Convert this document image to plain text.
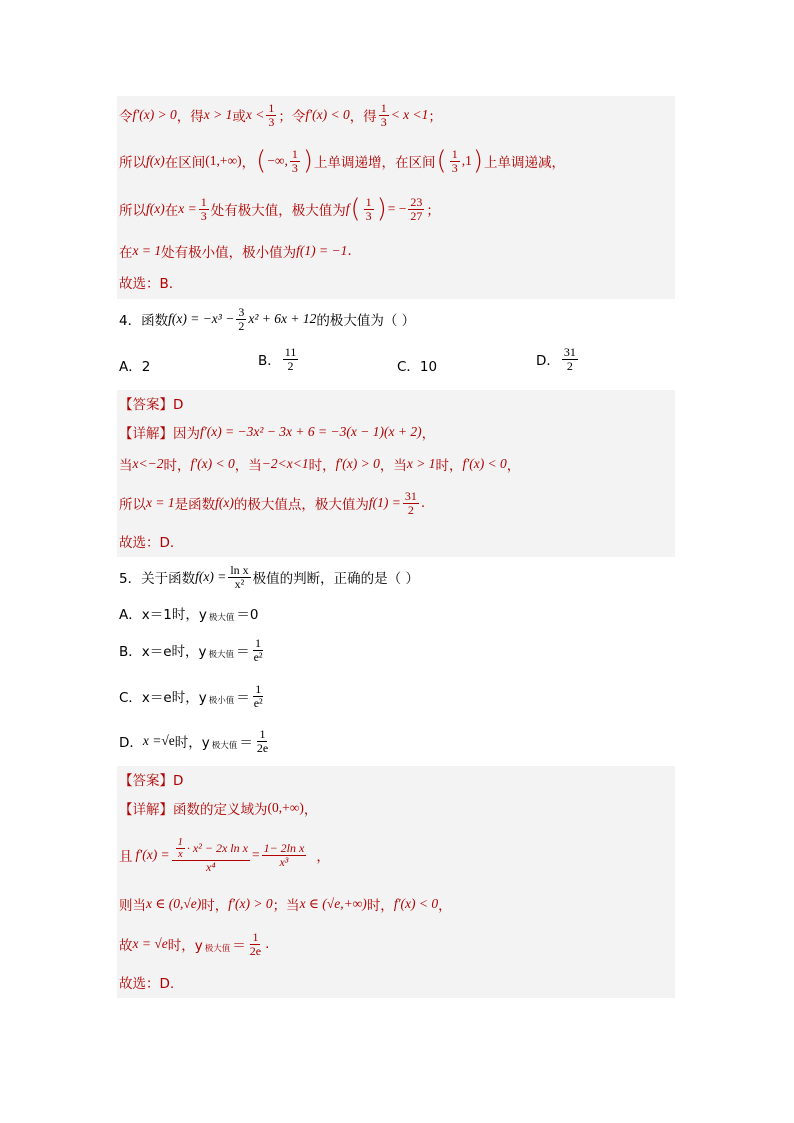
令 f′(x) > 0 ，得 x > 1 或 $x < \frac{1}{3}$ ；令 f′(x) < 0 ，得 $\frac{1}{3} < x <1$ ；
所以 f(x) 在区间 (1,+∞) ， ( −∞, $\frac{1}{3}$ ) 上单调递增，在区间 ( $\frac{1}{3} ,1$ ) 上单调递减，
所以 f(x) 在 $x = \frac{1}{3}$ 处有极大值，极大值为 f ( $\frac{1}{3}$ ) = − $\frac{23}{27}$ ；
在 x = 1 处有极小值，极小值为 f(1) = −1 .
故选：B.
4．函数 $f(x) = -x^3 - \frac{3}{2} x^2 + 6x + 12$ 的极大值为（ ）
A．2	B． $\frac{11}{2}$	C．10	D． $\frac{31}{2}$
【答案】D
【详解】因为 f′(x) = −3x² − 3x + 6 = −3(x − 1)(x + 2) ，
当 x<−2 时， f′(x) < 0 ，当 −2<x<1 时， f′(x) > 0 ，当 x > 1 时， f′(x) < 0 ，
所以 x = 1 是函数 f(x) 的极大值点，极大值为 $f(1) = \frac{31}{2}$ .
故选：D.
5．关于函数 $f(x) = \frac{\text{ln x}}{\text{x²}}$ 极值的判断，正确的是（ ）
A．x＝1时，y 极大值 ＝0
B．x＝e时，y 极大值 ＝ $\frac{1}{\text{e²}}$
C．x＝e时，y 极小值 ＝ $\frac{1}{\text{e²}}$
D． x = √e 时，y 极大值 ＝ $\frac{1}{2e}$
【答案】D
【详解】函数的定义域为 (0,+∞) ，
且 $f'(x) = \frac{\frac{1}{x} \cdot x^2 - 2x \ln x}{\text{x⁴}} = \frac{\text{1− 2ln x}}{\text{x³}}$ ，
则当 x ∈ (0,√e) 时， f′(x) > 0 ；当 x ∈ (√e,+∞) 时， f′(x) < 0 ，
故 x = √e 时，y 极大值 ＝ $\frac{1}{2e}$ .
故选：D.
